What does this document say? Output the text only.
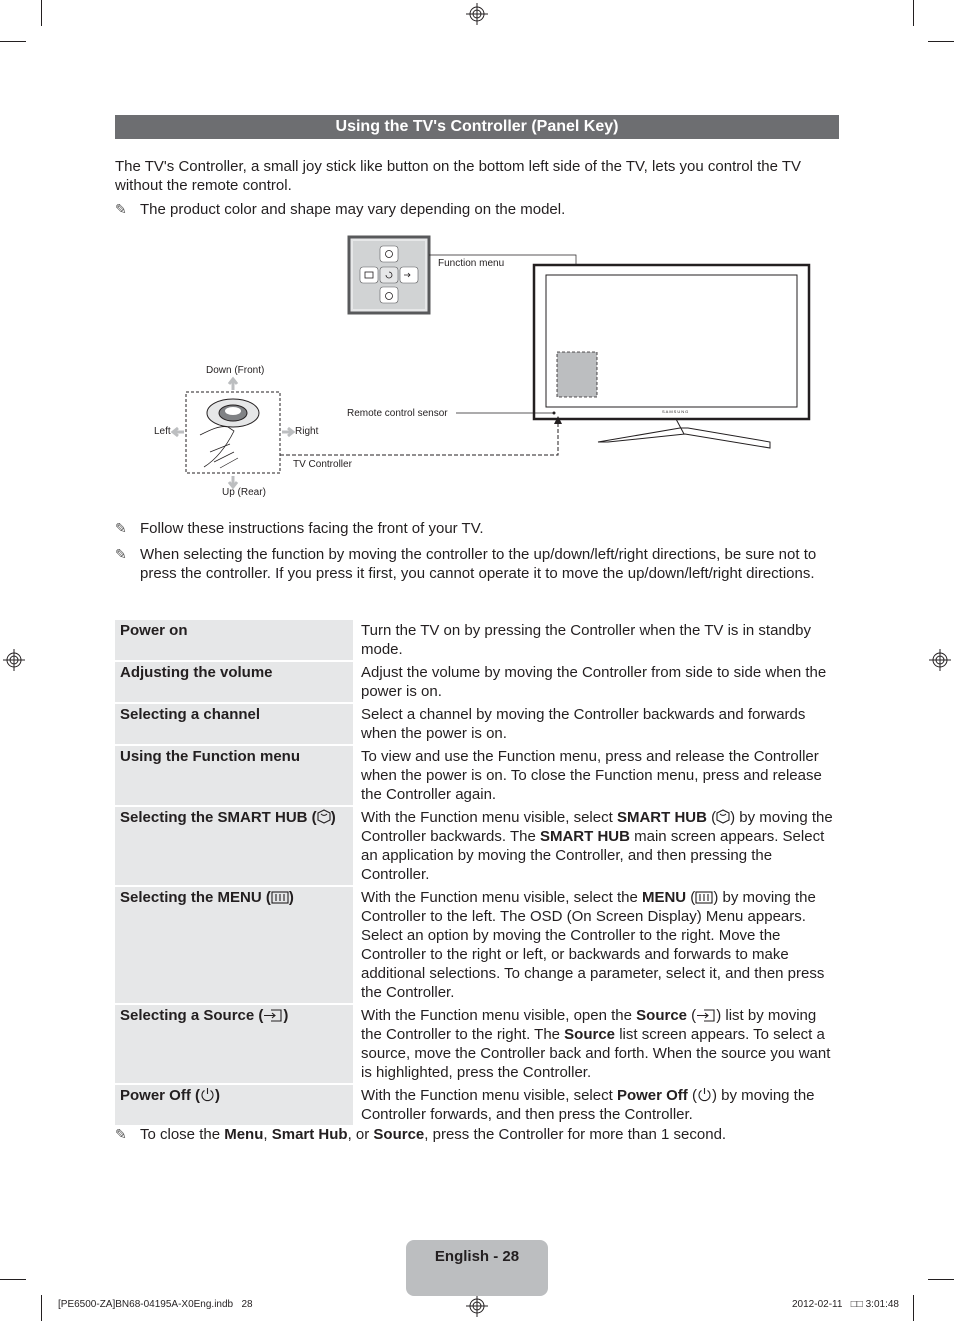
Using the TV's Controller (Panel Key)
The TV's Controller, a small joy stick like button on the bottom left side of the TV, lets you control the TV without the remote control.
✎ The product color and shape may vary depending on the model.
Function menu
Down (Front)
Left	Right
Up (Rear)
Remote control sensor
TV Controller
SAMSUNG
✎ Follow these instructions facing the front of your TV.
✎ When selecting the function by moving the controller to the up/down/left/right directions, be sure not to press the controller. If you press it first, you cannot operate it to move the up/down/left/right directions.
Power on	Turn the TV on by pressing the Controller when the TV is in standby mode.
Adjusting the volume	Adjust the volume by moving the Controller from side to side when the power is on.
Selecting a channel	Select a channel by moving the Controller backwards and forwards when the power is on.
Using the Function menu	To view and use the Function menu, press and release the Controller when the power is on. To close the Function menu, press and release the Controller again.
Selecting the SMART HUB ( )	With the Function menu visible, select SMART HUB ( ) by moving the Controller backwards. The SMART HUB main screen appears. Select an application by moving the Controller, and then pressing the Controller.
Selecting the MENU ( )	With the Function menu visible, select the MENU ( ) by moving the Controller to the left. The OSD (On Screen Display) Menu appears. Select an option by moving the Controller to the right. Move the Controller to the right or left, or backwards and forwards to make additional selections. To change a parameter, select it, and then press the Controller.
Selecting a Source ( )	With the Function menu visible, open the Source ( ) list by moving the Controller to the right. The Source list screen appears. To select a source, move the Controller back and forth. When the source you want is highlighted, press the Controller.
Power Off ( )	With the Function menu visible, select Power Off ( ) by moving the Controller forwards, and then press the Controller.
✎ To close the Menu, Smart Hub, or Source, press the Controller for more than 1 second.
English - 28
[PE6500-ZA]BN68-04195A-X0Eng.indb   28	2012-02-11   □□ 3:01:48
